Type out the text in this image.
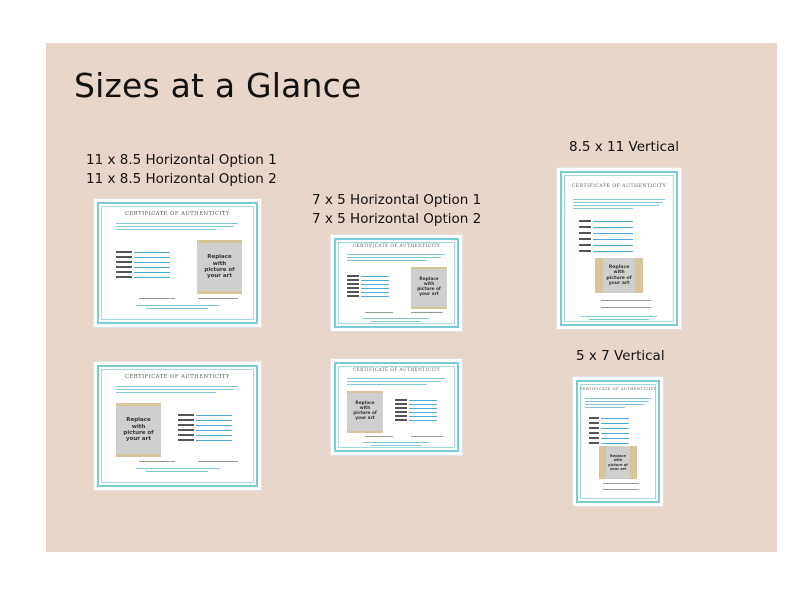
Sizes at a Glance
11 x 8.5 Horizontal Option 1
11 x 8.5 Horizontal Option 2
7 x 5 Horizontal Option 1
7 x 5 Horizontal Option 2
8.5 x 11 Vertical
5 x 7 Vertical
CERTIFICATE OF AUTHENTICITY
Replace
with
picture of
your art
CERTIFICATE OF AUTHENTICITY
Replace
with
picture of
your art
CERTIFICATE OF AUTHENTICITY
Replace
with
picture of
your art
CERTIFICATE OF AUTHENTICITY
Replace
with
picture of
your art
CERTIFICATE OF AUTHENTICITY
Replace
with
picture of
your art
CERTIFICATE OF AUTHENTICITY
Replace
with
picture of
your art
